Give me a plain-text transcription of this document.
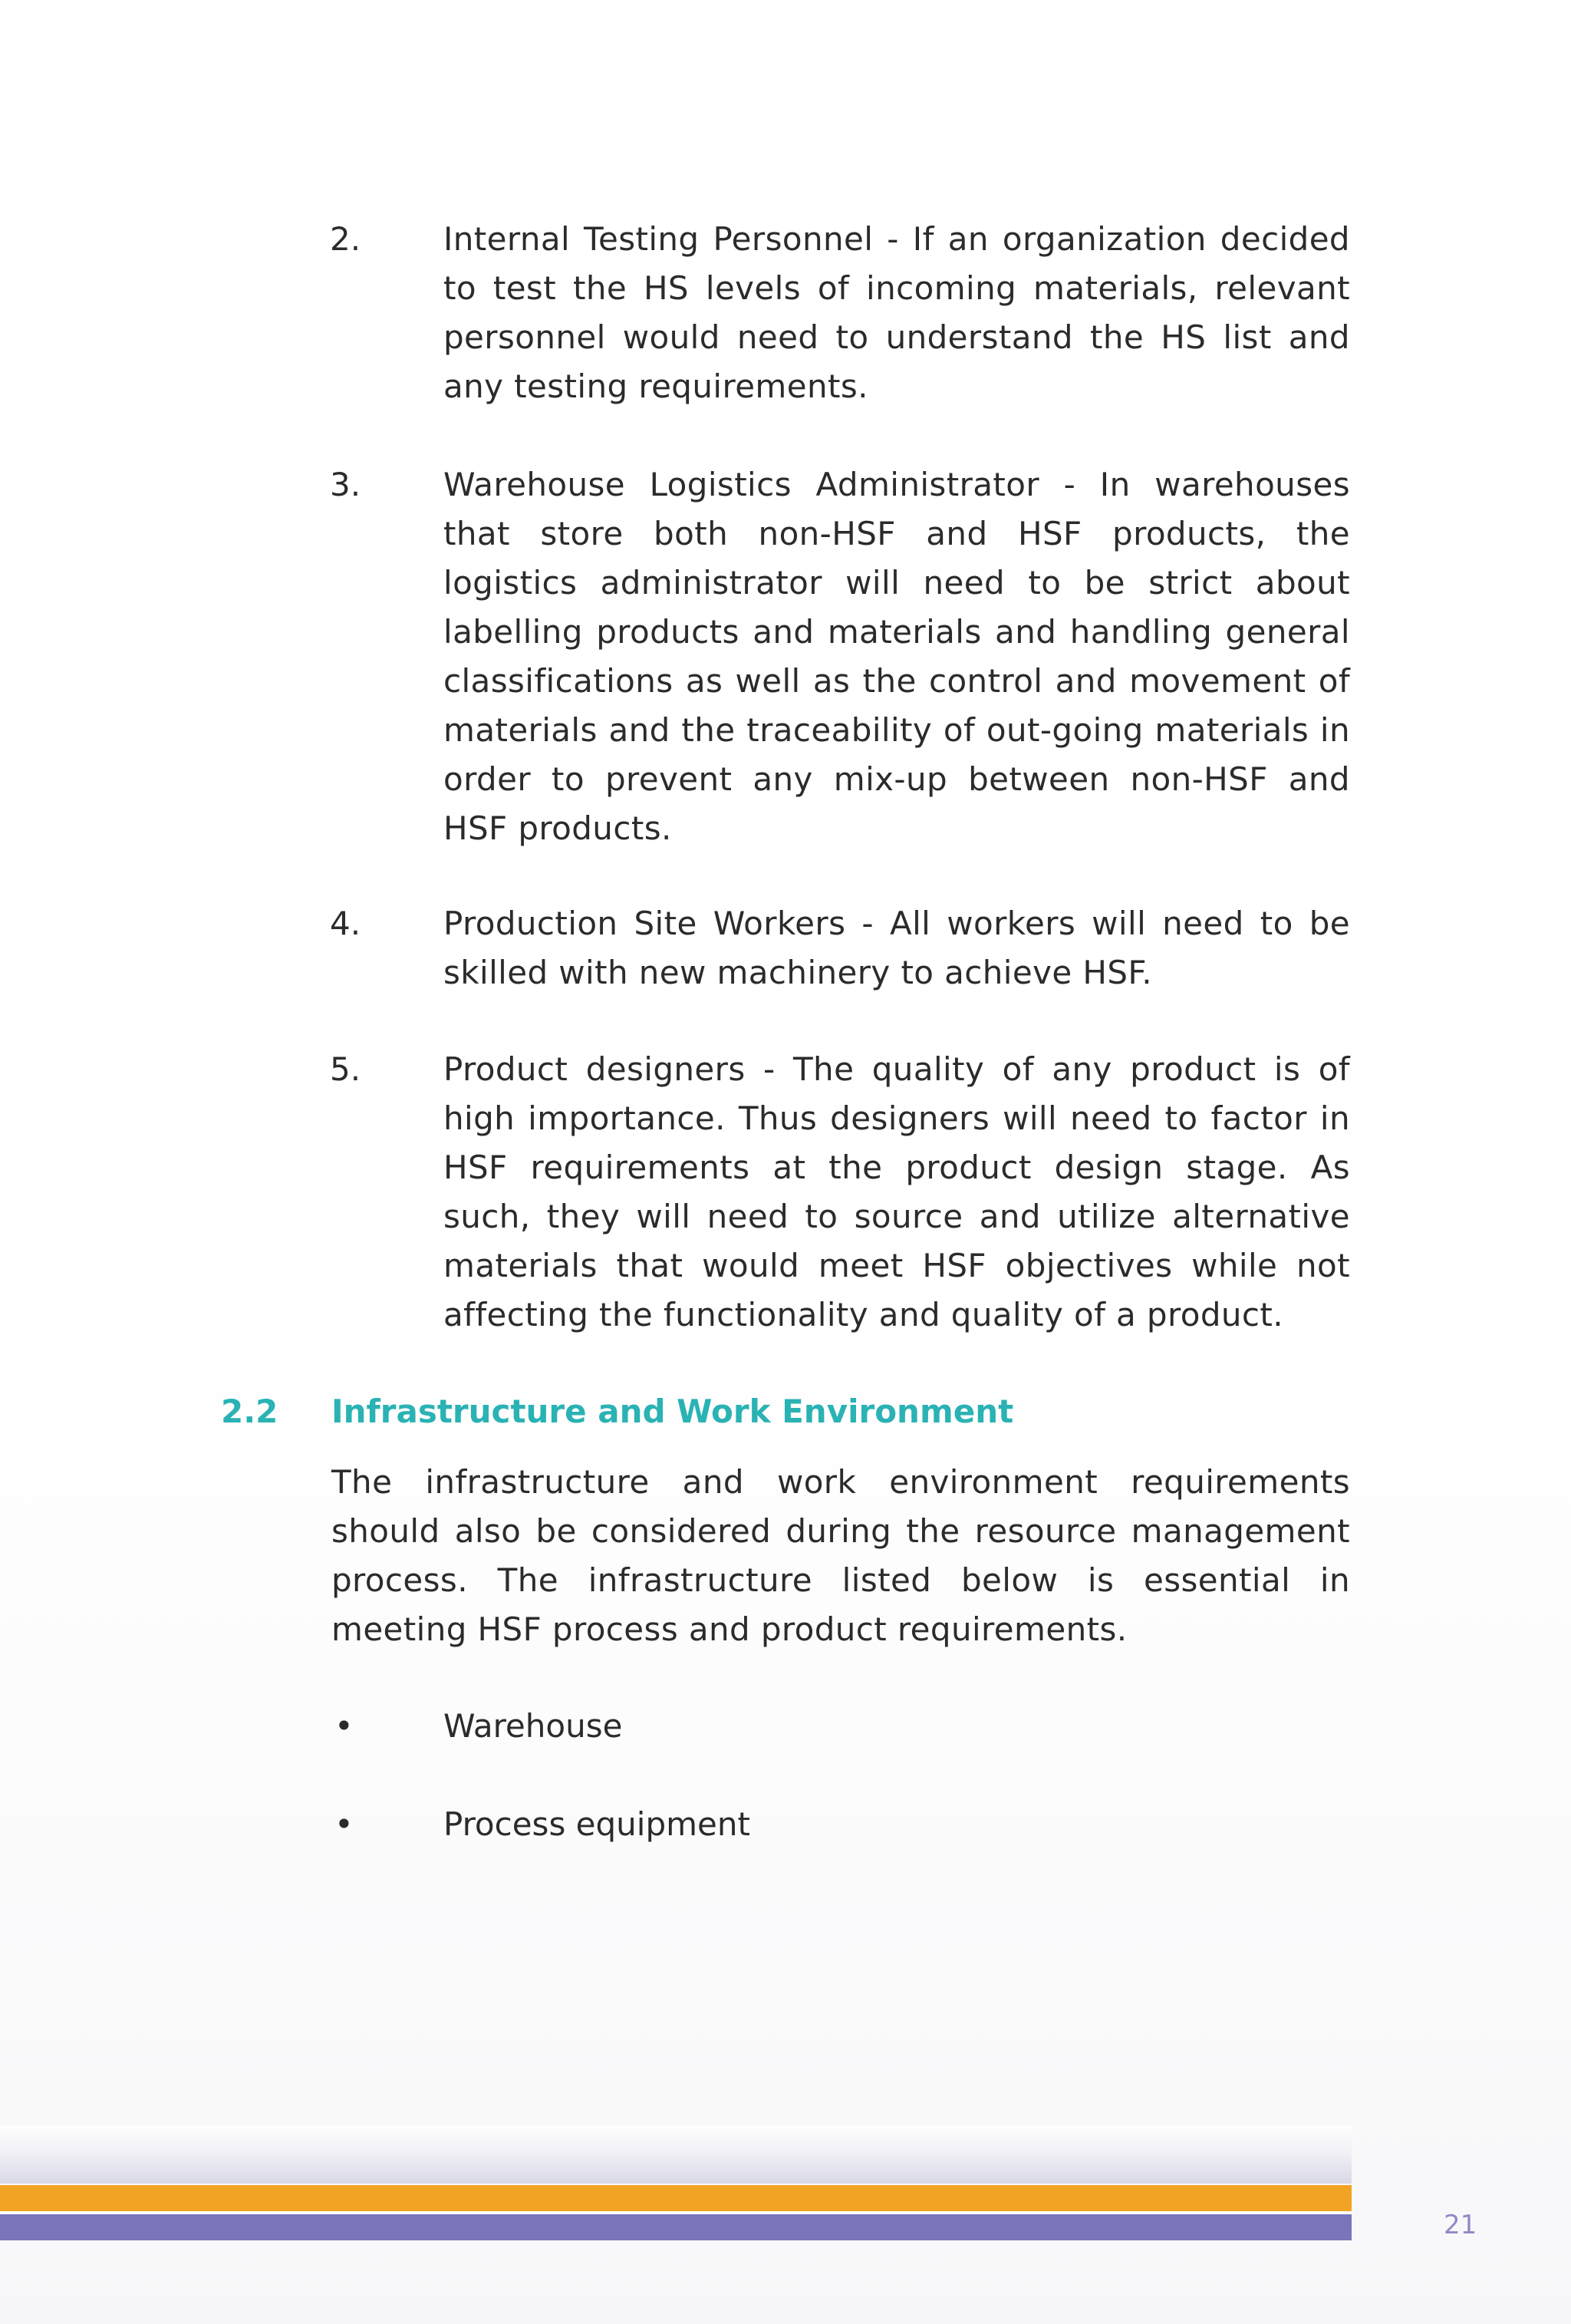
2.	Internal Testing Personnel - If an organization decided to test the HS levels of incoming materials, relevant personnel would need to understand the HS list and any testing requirements.
3.	Warehouse Logistics Administrator - In warehouses that store both non-HSF and HSF products, the logistics administrator will need to be strict about labelling products and materials and handling general classifications as well as the control and movement of materials and the traceability of out-going materials in order to prevent any mix-up between non-HSF and HSF products.
4.	Production Site Workers - All workers will need to be skilled with new machinery to achieve HSF.
5.	Product designers - The quality of any product is of high importance. Thus designers will need to factor in HSF requirements at the product design stage. As such, they will need to source and utilize alternative materials that would meet HSF objectives while not affecting the functionality and quality of a product.
2.2 Infrastructure and Work Environment
The infrastructure and work environment requirements should also be considered during the resource management process. The infrastructure listed below is essential in meeting HSF process and product requirements.
•	Warehouse
•	Process equipment
21
